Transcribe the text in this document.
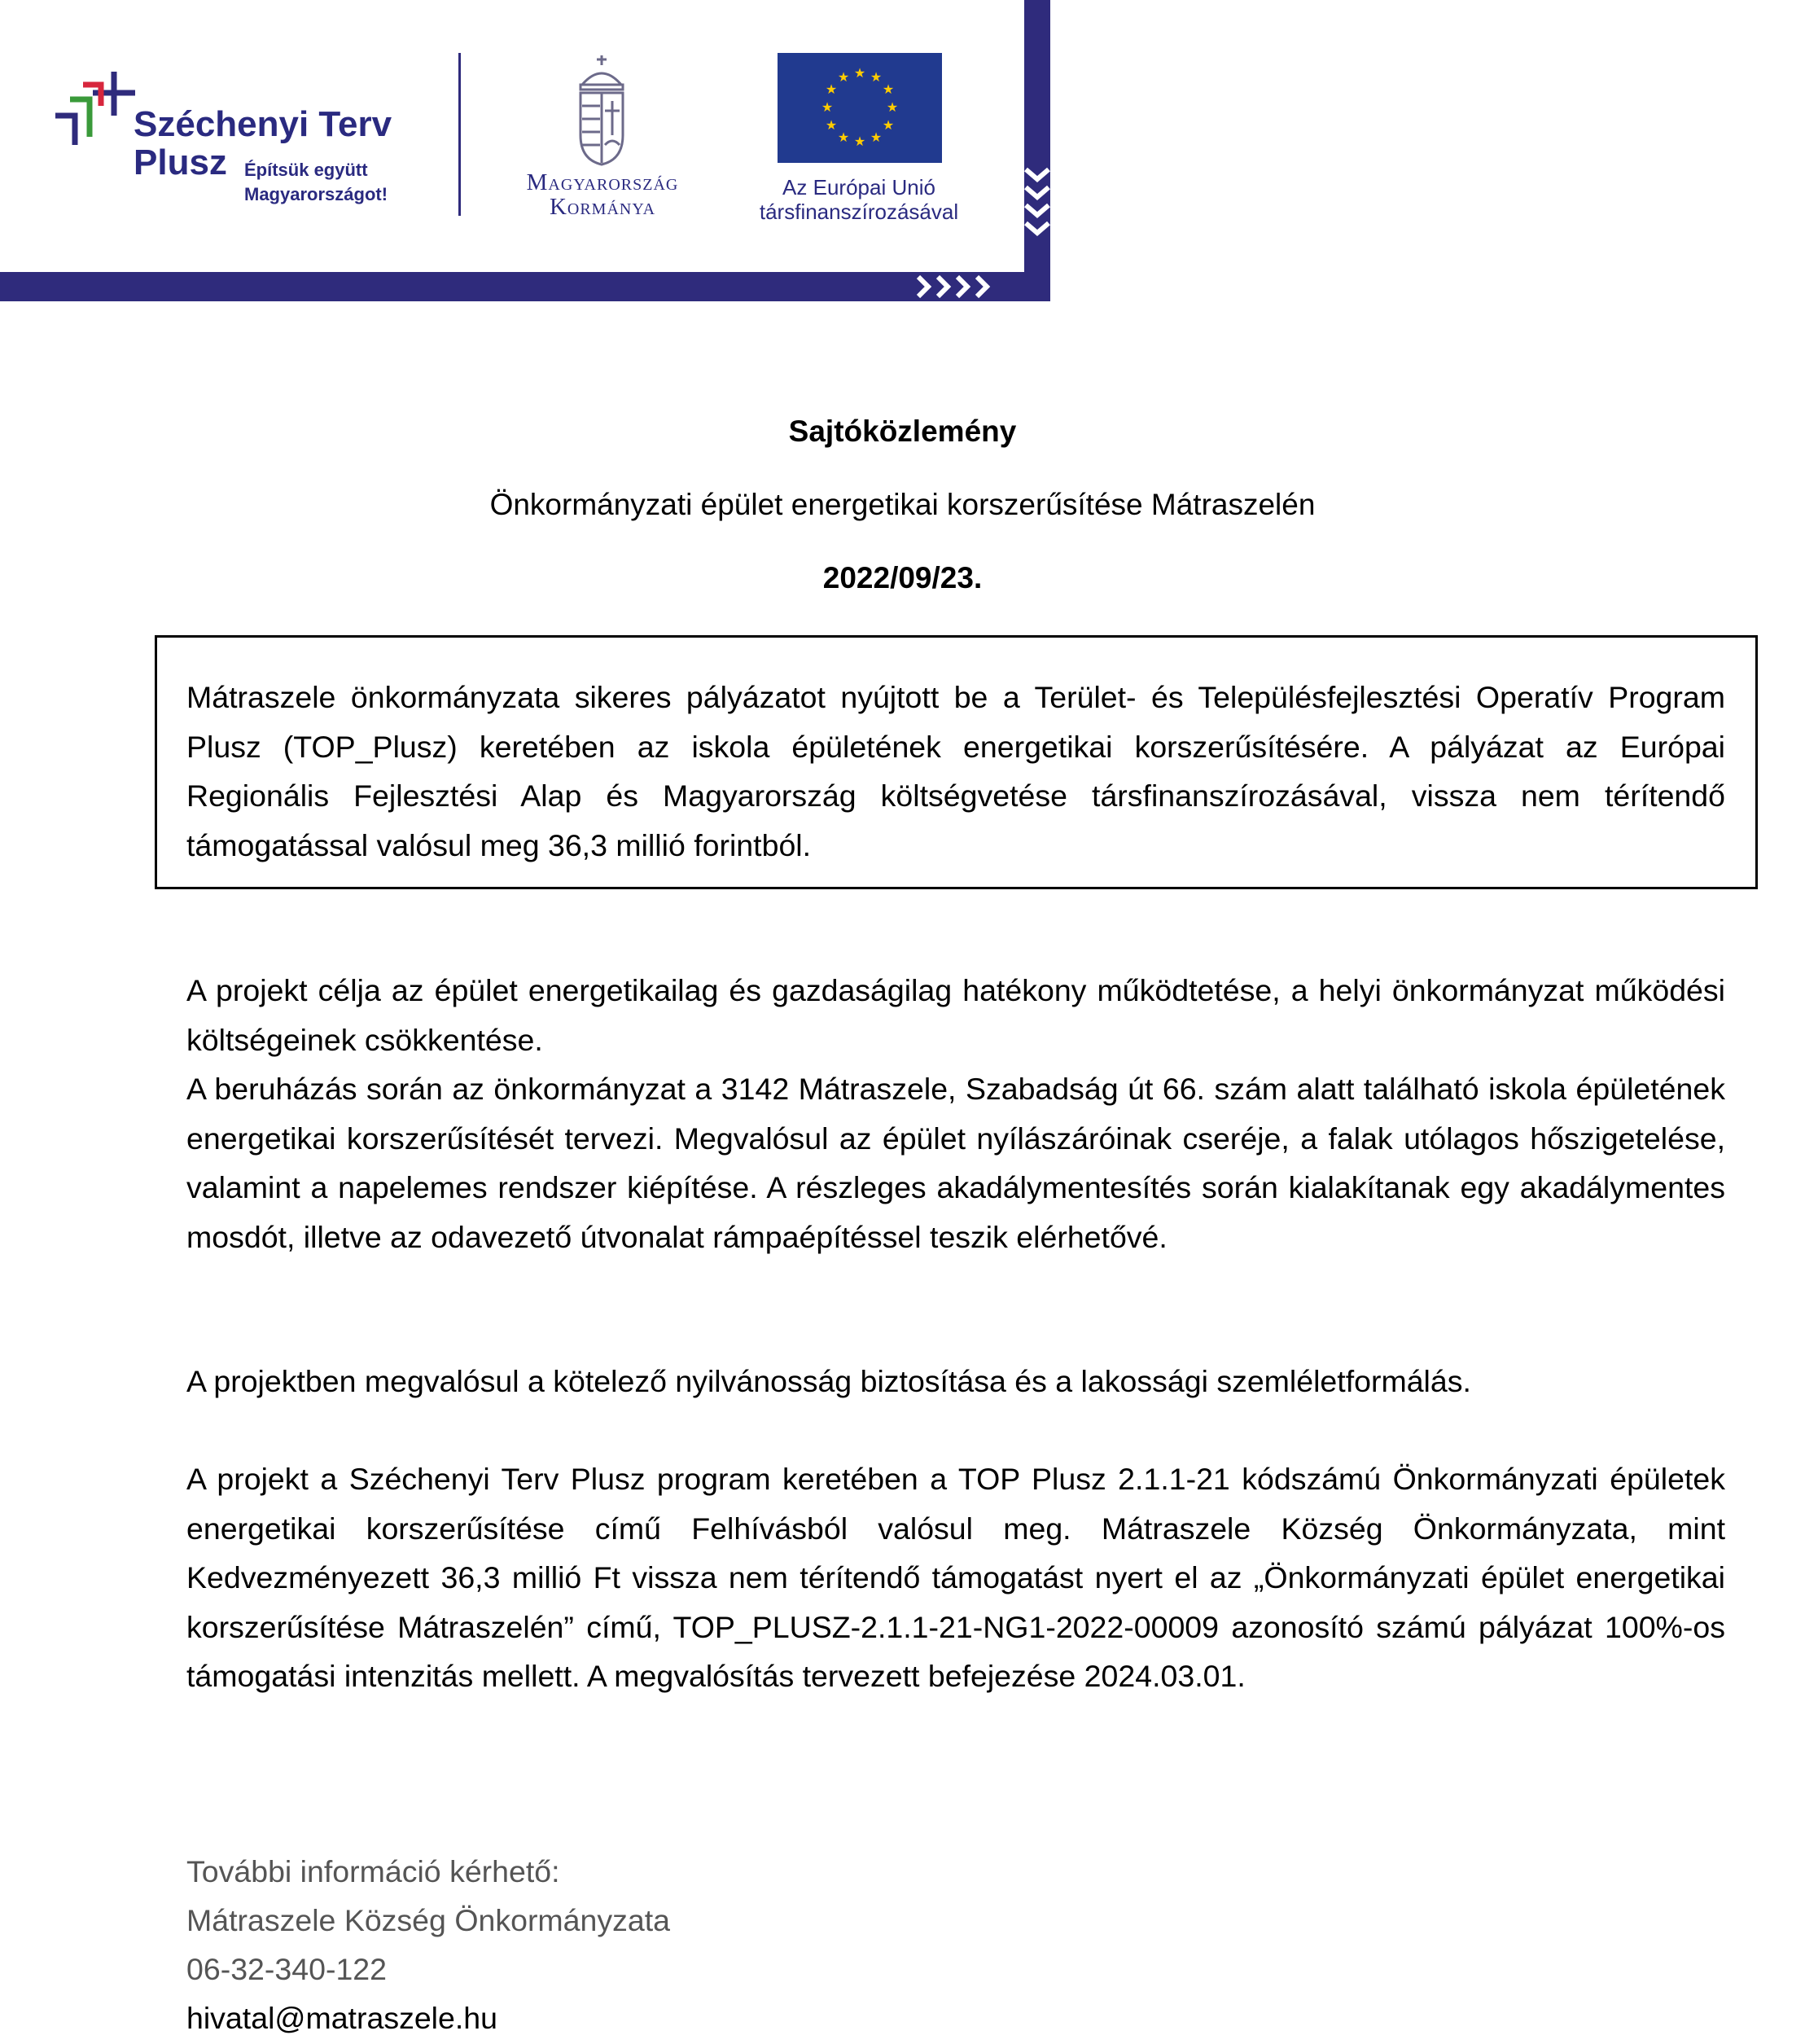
Széchenyi Terv
Plusz Építsük együtt
Magyarországot!	Magyarország
Kormánya
★ ★
★
★
★
★
★
★
★
★
★
★
Az Európai Unió
társfinanszírozásával
Sajtóközlemény
Önkormányzati épület energetikai korszerűsítése Mátraszelén
2022/09/23.
Mátraszele önkormányzata sikeres pályázatot nyújtott be a Terület- és Településfejlesztési Operatív Program Plusz (TOP_Plusz) keretében az iskola épületének energetikai korszerűsítésére. A pályázat az Európai Regionális Fejlesztési Alap és Magyarország költségvetése társfinanszírozásával, vissza nem térítendő támogatással valósul meg 36,3 millió forintból.
A projekt célja az épület energetikailag és gazdaságilag hatékony működtetése, a helyi önkormányzat működési költségeinek csökkentése.
A beruházás során az önkormányzat a 3142 Mátraszele, Szabadság út 66. szám alatt található iskola épületének energetikai korszerűsítését tervezi. Megvalósul az épület nyílászáróinak cseréje, a falak utólagos hőszigetelése, valamint a napelemes rendszer kiépítése. A részleges akadálymentesítés során kialakítanak egy akadálymentes mosdót, illetve az odavezető útvonalat rámpaépítéssel teszik elérhetővé.
A projektben megvalósul a kötelező nyilvánosság biztosítása és a lakossági szemléletformálás.
A projekt a Széchenyi Terv Plusz program keretében a TOP Plusz 2.1.1-21 kódszámú Önkormányzati épületek energetikai korszerűsítése című Felhívásból valósul meg. Mátraszele Község Önkormányzata, mint Kedvezményezett 36,3 millió Ft vissza nem térítendő támogatást nyert el az „Önkormányzati épület energetikai korszerűsítése Mátraszelén” című, TOP_PLUSZ-2.1.1-21-NG1-2022-00009 azonosító számú pályázat 100%-os támogatási intenzitás mellett. A megvalósítás tervezett befejezése 2024.03.01.
További információ kérhető:
Mátraszele Község Önkormányzata
06-32-340-122
hivatal@matraszele.hu
